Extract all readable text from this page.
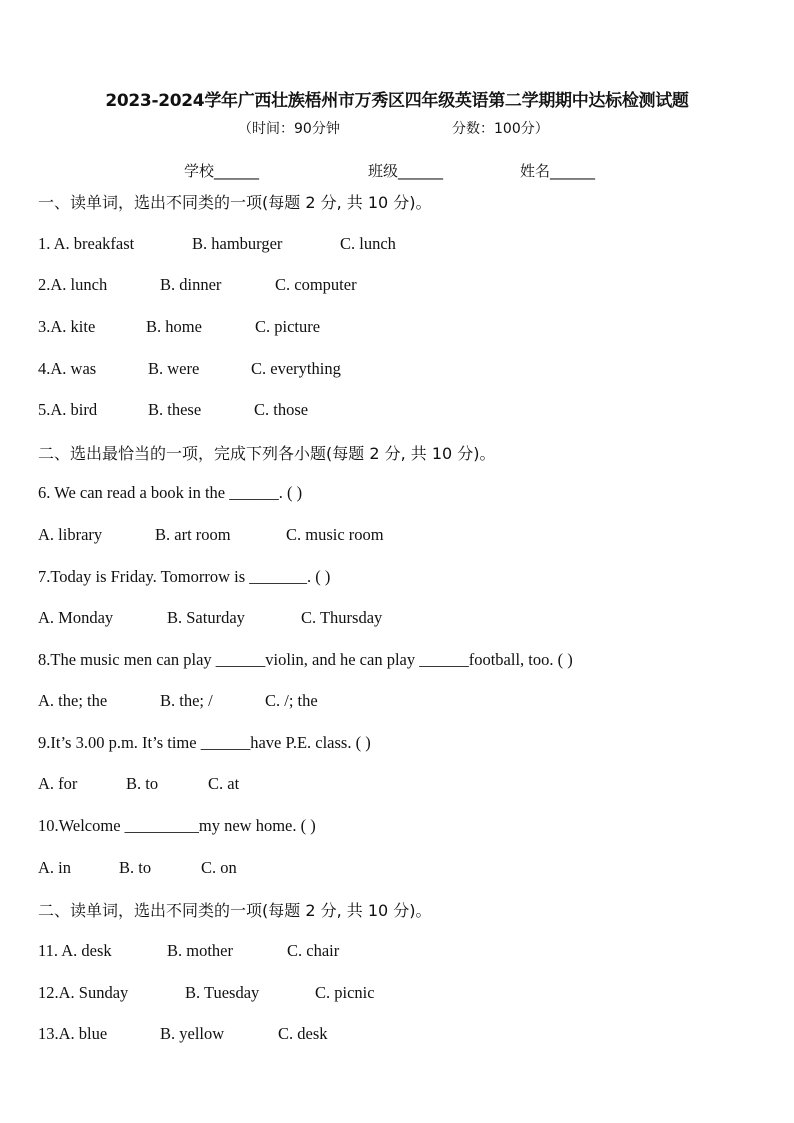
2023-2024学年广西壮族梧州市万秀区四年级英语第二学期期中达标检测试题
（时间：90分钟	分数：100分）
学校______	班级______	姓名______
一、读单词，选出不同类的一项(每题 2 分, 共 10 分)。
1. A. breakfast	B. hamburger	C. lunch
2.A. lunch	B. dinner	C. computer
3.A. kite	B. home	C. picture
4.A. was	B. were	C. everything
5.A. bird	B. these	C. those
二、选出最恰当的一项，完成下列各小题(每题 2 分, 共 10 分)。
6. We can read a book in the ______. ( )
A. library	B. art room	C. music room
7.Today is Friday. Tomorrow is _______. ( )
A. Monday	B. Saturday	C. Thursday
8.The music men can play ______violin, and he can play ______football, too. ( )
A. the; the	B. the; /	C. /; the
9.It’s 3.00 p.m. It’s time ______have P.E. class. ( )
A. for	B. to	C. at
10.Welcome _________my new home. ( )
A. in	B. to	C. on
二、读单词，选出不同类的一项(每题 2 分, 共 10 分)。
11. A. desk	B. mother	C. chair
12.A. Sunday	B. Tuesday	C. picnic
13.A. blue	B. yellow	C. desk
